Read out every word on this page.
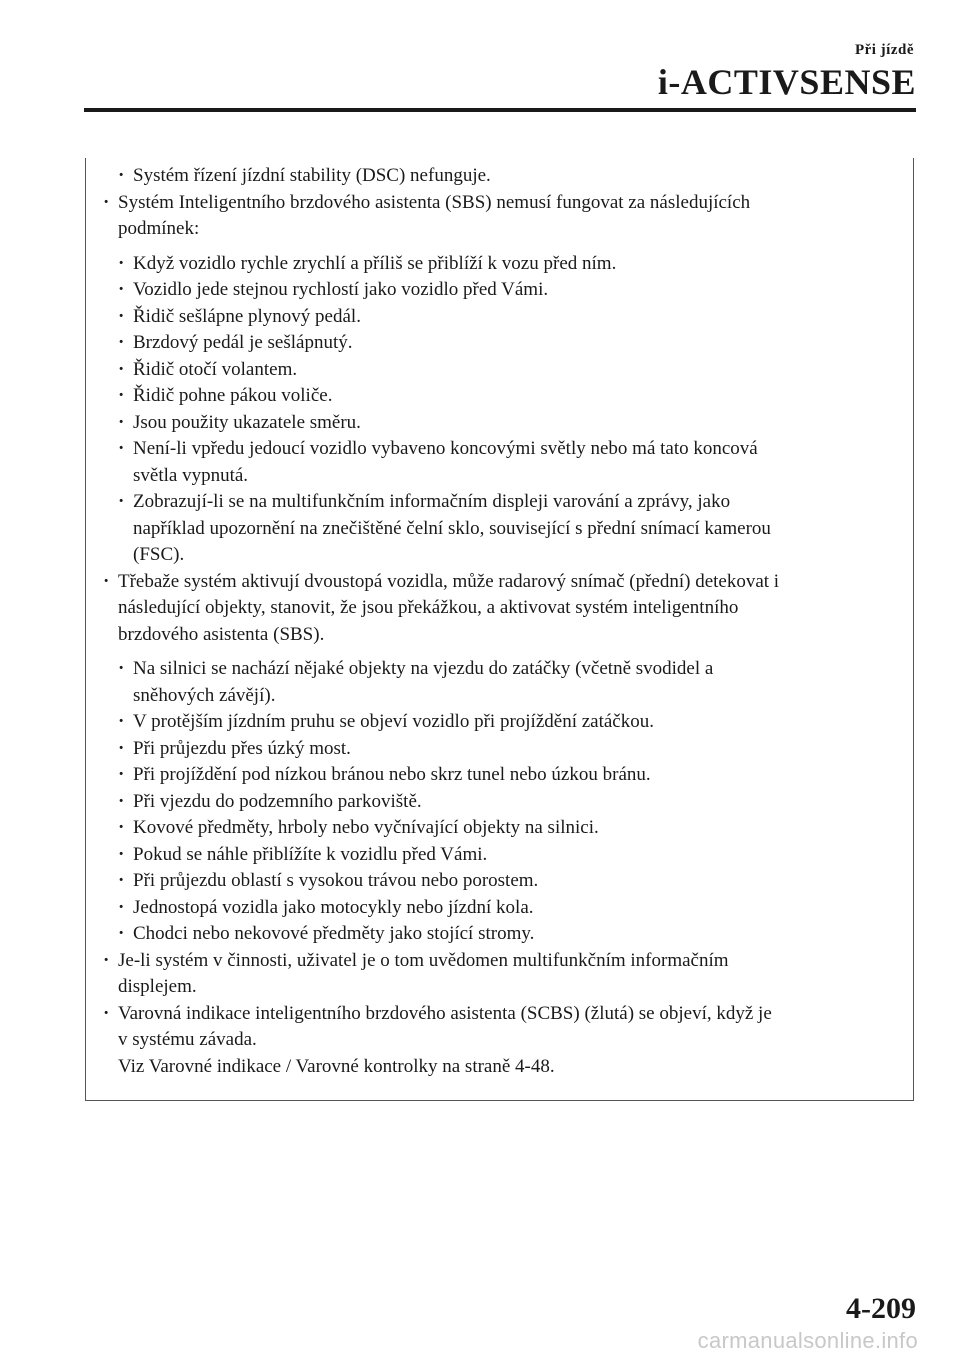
Při jízdě
i-ACTIVSENSE
· Systém řízení jízdní stability (DSC) nefunguje.
· Systém Inteligentního brzdového asistenta (SBS) nemusí fungovat za následujících
podmínek:
· Když vozidlo rychle zrychlí a příliš se přiblíží k vozu před ním.
· Vozidlo jede stejnou rychlostí jako vozidlo před Vámi.
· Řidič sešlápne plynový pedál.
· Brzdový pedál je sešlápnutý.
· Řidič otočí volantem.
· Řidič pohne pákou voliče.
· Jsou použity ukazatele směru.
· Není-li vpředu jedoucí vozidlo vybaveno koncovými světly nebo má tato koncová
světla vypnutá.
· Zobrazují-li se na multifunkčním informačním displeji varování a zprávy, jako
například upozornění na znečištěné čelní sklo, související s přední snímací kamerou
(FSC).
· Třebaže systém aktivují dvoustopá vozidla, může radarový snímač (přední) detekovat i
následující objekty, stanovit, že jsou překážkou, a aktivovat systém inteligentního
brzdového asistenta (SBS).
· Na silnici se nachází nějaké objekty na vjezdu do zatáčky (včetně svodidel a
sněhových závějí).
· V protějším jízdním pruhu se objeví vozidlo při projíždění zatáčkou.
· Při průjezdu přes úzký most.
· Při projíždění pod nízkou bránou nebo skrz tunel nebo úzkou bránu.
· Při vjezdu do podzemního parkoviště.
· Kovové předměty, hrboly nebo vyčnívající objekty na silnici.
· Pokud se náhle přiblížíte k vozidlu před Vámi.
· Při průjezdu oblastí s vysokou trávou nebo porostem.
· Jednostopá vozidla jako motocykly nebo jízdní kola.
· Chodci nebo nekovové předměty jako stojící stromy.
· Je-li systém v činnosti, uživatel je o tom uvědomen multifunkčním informačním
displejem.
· Varovná indikace inteligentního brzdového asistenta (SCBS) (žlutá) se objeví, když je
v systému závada.
Viz Varovné indikace / Varovné kontrolky na straně 4-48.
4-209
carmanualsonline.info
